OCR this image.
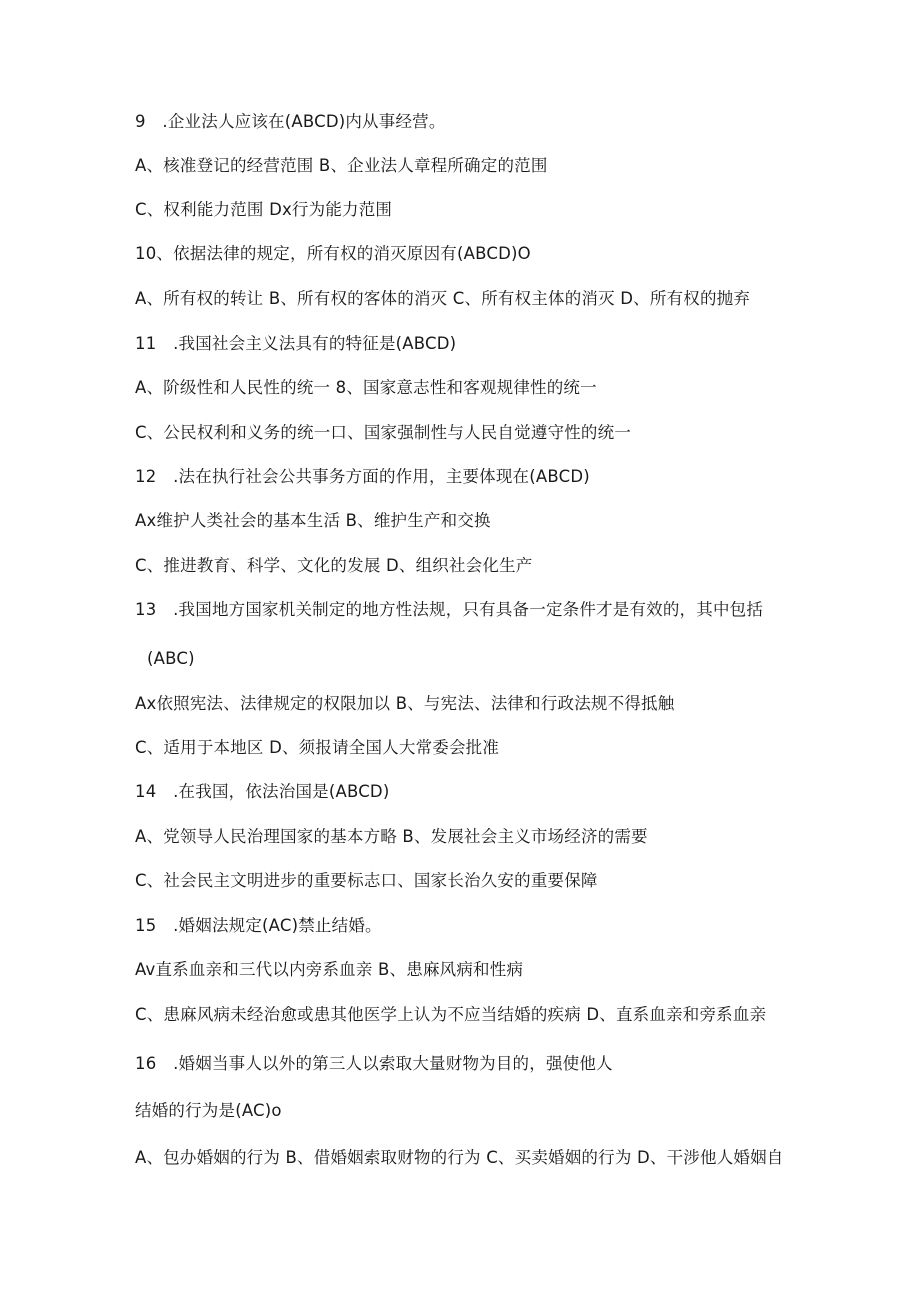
9　.企业法人应该在(ABCD)内从事经营。
A、核准登记的经营范围 B、企业法人章程所确定的范围
C、权利能力范围 Dx行为能力范围
10、依据法律的规定，所有权的消灭原因有(ABCD)O
A、所有权的转让 B、所有权的客体的消灭 C、所有权主体的消灭 D、所有权的抛弃
11　.我国社会主义法具有的特征是(ABCD)
A、阶级性和人民性的统一 8、国家意志性和客观规律性的统一
C、公民权利和义务的统一口、国家强制性与人民自觉遵守性的统一
12　.法在执行社会公共事务方面的作用，主要体现在(ABCD)
Ax维护人类社会的基本生活 B、维护生产和交换
C、推进教育、科学、文化的发展 D、组织社会化生产
13　.我国地方国家机关制定的地方性法规，只有具备一定条件才是有效的，其中包括
(ABC)
Ax依照宪法、法律规定的权限加以 B、与宪法、法律和行政法规不得抵触
C、适用于本地区 D、须报请全国人大常委会批准
14　.在我国，依法治国是(ABCD)
A、党领导人民治理国家的基本方略 B、发展社会主义市场经济的需要
C、社会民主文明进步的重要标志口、国家长治久安的重要保障
15　.婚姻法规定(AC)禁止结婚。
Av直系血亲和三代以内旁系血亲 B、患麻风病和性病
C、患麻风病未经治愈或患其他医学上认为不应当结婚的疾病 D、直系血亲和旁系血亲
16　.婚姻当事人以外的第三人以索取大量财物为目的，强使他人
结婚的行为是(AC)o
A、包办婚姻的行为 B、借婚姻索取财物的行为 C、买卖婚姻的行为 D、干涉他人婚姻自
